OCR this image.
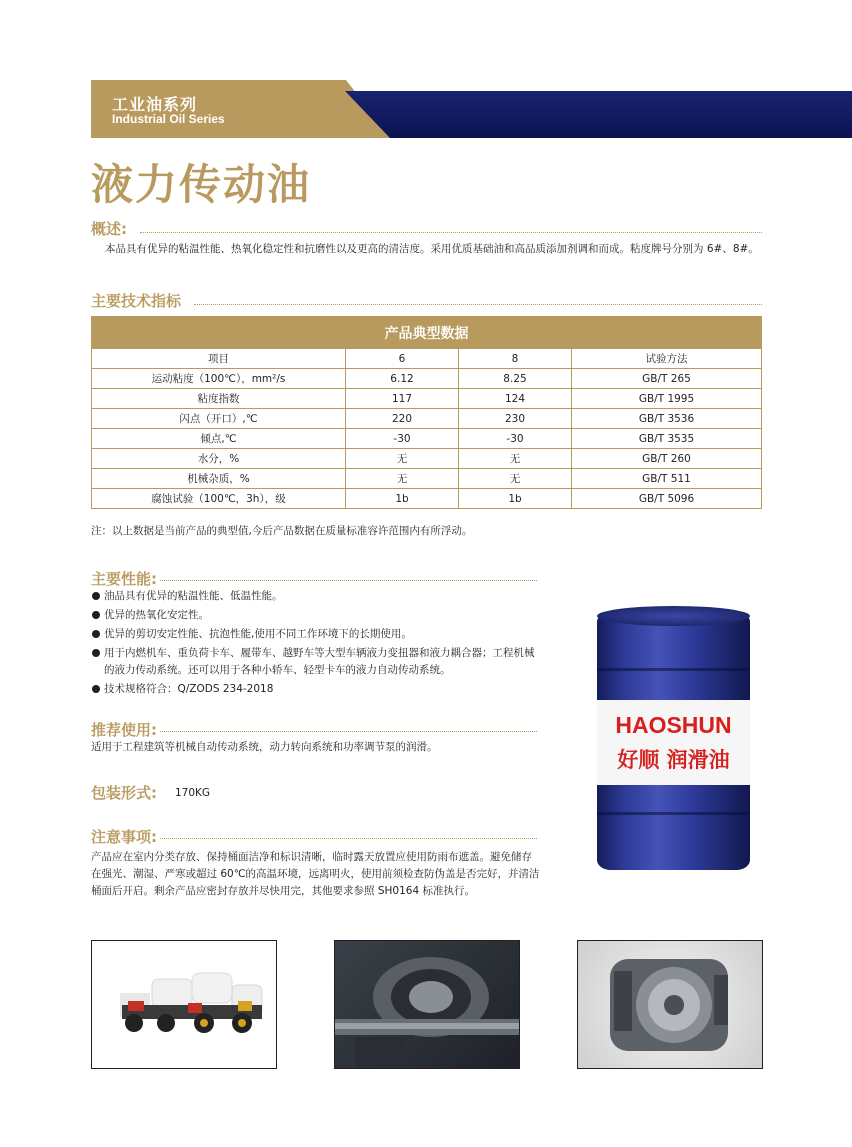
工业油系列
Industrial Oil Series
液力传动油
概述:
本品具有优异的粘温性能、热氧化稳定性和抗磨性以及更高的清洁度。采用优质基础油和高品质添加剂调和而成。粘度牌号分别为 6#、8#。
主要技术指标
产品典型数据			
项目	6	8	试验方法
运动粘度（100℃），mm²/s	6.12	8.25	GB/T 265
粘度指数	117	124	GB/T 1995
闪点（开口）,℃	220	230	GB/T 3536
倾点,℃	-30	-30	GB/T 3535
水分，%	无	无	GB/T 260
机械杂质，%	无	无	GB/T 511
腐蚀试验（100℃，3h），级	1b	1b	GB/T 5096
注：以上数据是当前产品的典型值,今后产品数据在质量标准容许范围内有所浮动。
主要性能:
油品具有优异的粘温性能、低温性能。
优异的热氧化安定性。
优异的剪切安定性能、抗泡性能,使用不同工作环境下的长期使用。
用于内燃机车、重负荷卡车、履带车、越野车等大型车辆液力变扭器和液力耦合器；工程机械的液力传动系统。还可以用于各种小轿车、轻型卡车的液力自动传动系统。
技术规格符合：Q/ZODS 234-2018
推荐使用:
适用于工程建筑等机械自动传动系统，动力转向系统和功率调节泵的润滑。
包装形式: 170KG
注意事项:
产品应在室内分类存放、保持桶面洁净和标识清晰，临时露天放置应使用防雨布遮盖。避免储存在强光、潮湿、严寒或超过 60℃的高温环境，远离明火，使用前须检查防伪盖是否完好，并清洁桶面后开启。剩余产品应密封存放并尽快用完，其他要求参照 SH0164 标准执行。
HAOSHUN
好顺 润滑油
